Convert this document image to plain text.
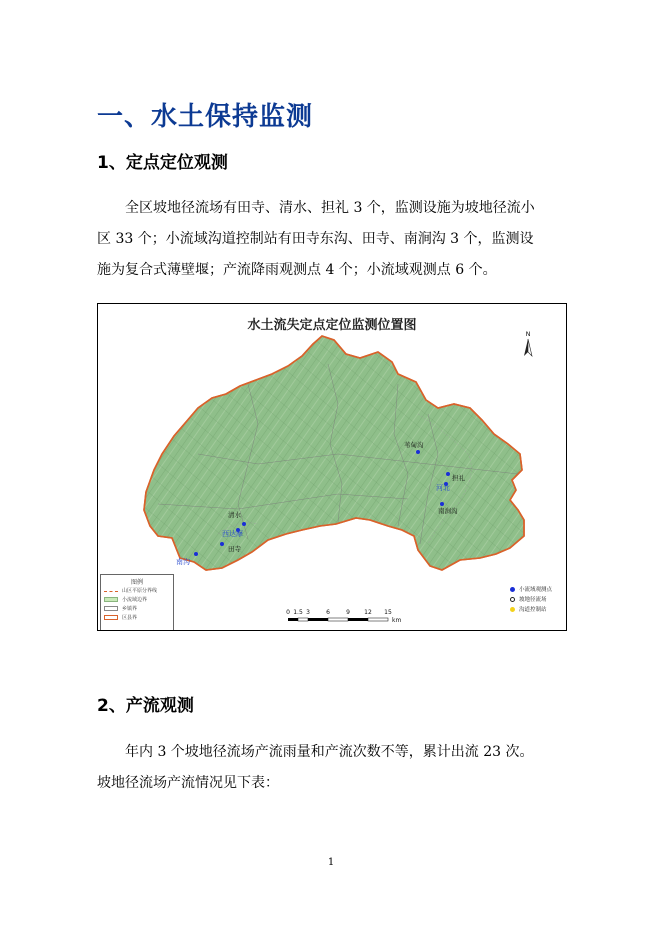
一、水土保持监测
1、定点定位观测
全区坡地径流场有田寺、清水、担礼 3 个，监测设施为坡地径流小
区 33 个；小流域沟道控制站有田寺东沟、田寺、南涧沟 3 个，监测设
施为复合式薄壁堰；产流降雨观测点 4 个；小流域观测点 6 个。
水土流失定点定位监测位置图
N
苇甸沟
担礼
河北
南涧沟
清水
西达摩
田寺
南沟
0 1.5 3	6	9 12 15
km
图例
山区平原分界线
小流域边界
乡镇界
区县界
小流域观测点
坡地径流场
沟道控制站
2、产流观测
年内 3 个坡地径流场产流雨量和产流次数不等，累计出流 23 次。
坡地径流场产流情况见下表：
1
